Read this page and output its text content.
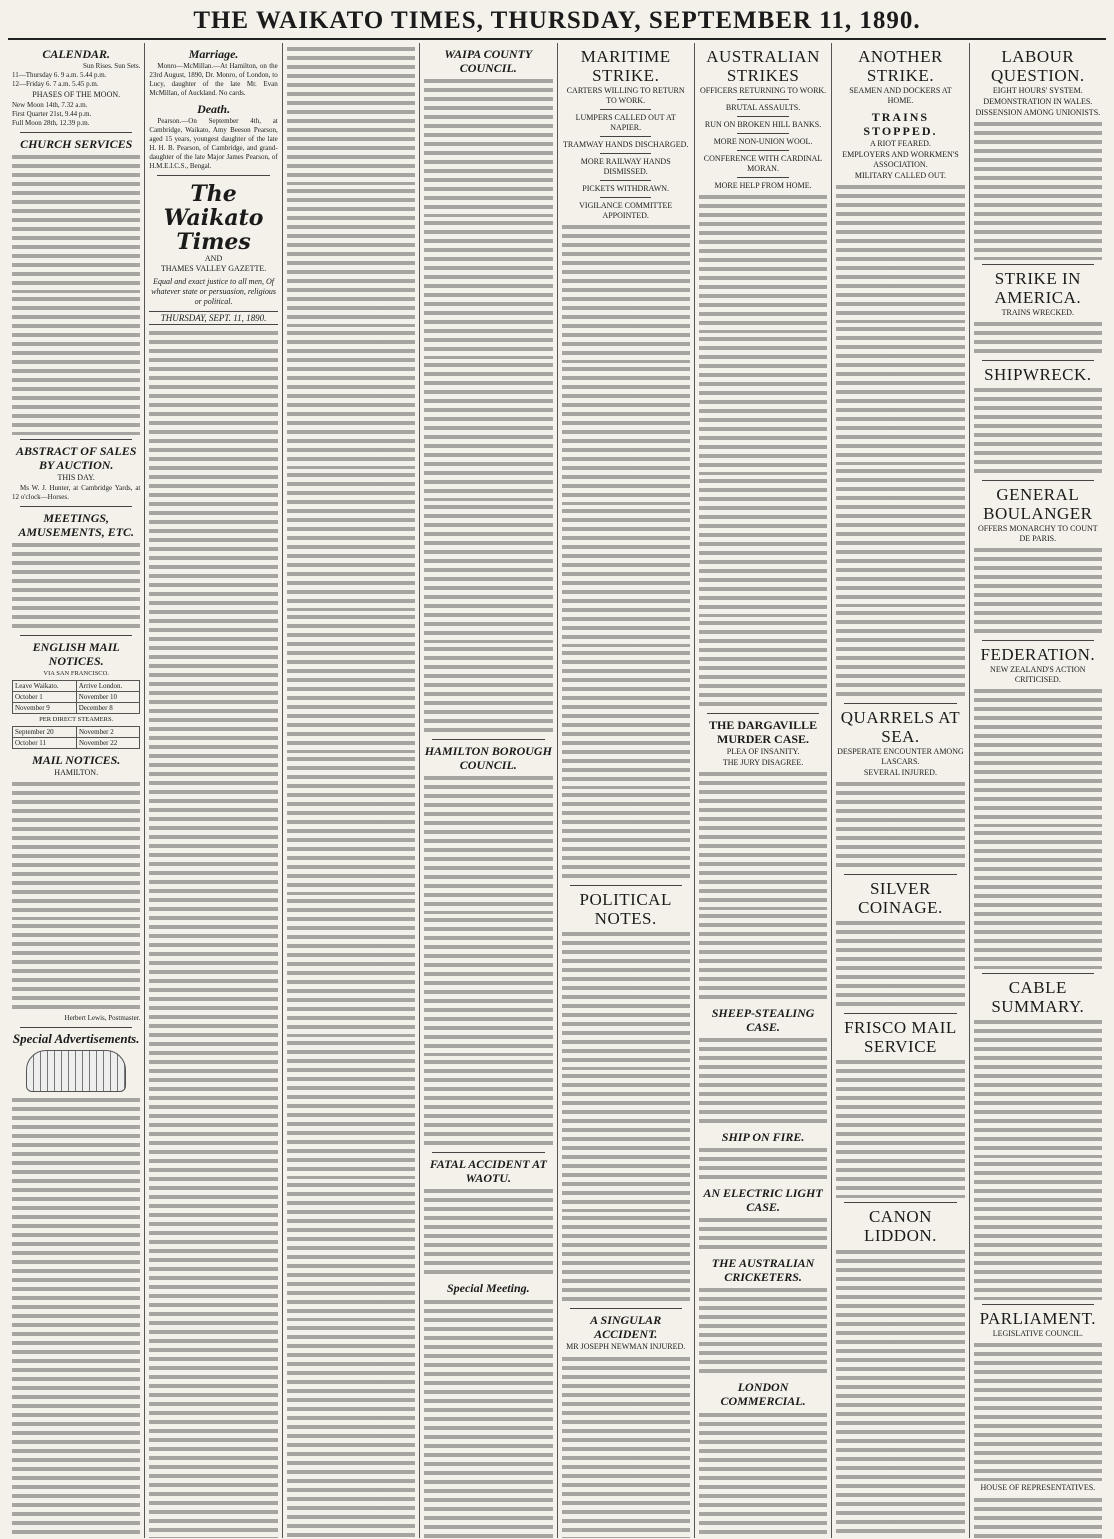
THE WAIKATO TIMES, THURSDAY, SEPTEMBER 11, 1890.
CALENDAR.
Sun Rises. Sun Sets.
11—Thursday 6. 9 a.m. 5.44 p.m.
12—Friday 6. 7 a.m. 5.45 p.m.
PHASES OF THE MOON.
New Moon 14th, 7.32 a.m.
First Quarter 21st, 9.44 p.m.
Full Moon 28th, 12.39 p.m.
CHURCH SERVICES
ABSTRACT OF SALES BY AUCTION.
THIS DAY.
Ms W. J. Hunter, at Cambridge Yards, at 12 o'clock—Horses.
MEETINGS, AMUSEMENTS, ETC.
ENGLISH MAIL NOTICES.
VIA SAN FRANCISCO.
Leave Waikato.	Arrive London.
October 1	November 10
November 9	December 8
PER DIRECT STEAMERS.
September 20	November 2
October 11	November 22
MAIL NOTICES.
HAMILTON.
Herbert Lewis, Postmaster.
Special Advertisements.
Marriage.
Monro—McMillan.—At Hamilton, on the 23rd August, 1890, Dr. Monro, of London, to Lucy, daughter of the late Mr. Evan McMillan, of Auckland. No cards.
Death.
Pearson.—On September 4th, at Cambridge, Waikato, Amy Beeson Pearson, aged 15 years, youngest daughter of the late H. H. B. Pearson, of Cambridge, and grand-daughter of the late Major James Pearson, of H.M.E.I.C.S., Bengal.
The Waikato Times
AND
THAMES VALLEY GAZETTE.
Equal and exact justice to all men, Of whatever state or persuasion, religious or political.
THURSDAY, SEPT. 11, 1890.
WAIPA COUNTY COUNCIL.
HAMILTON BOROUGH COUNCIL.
FATAL ACCIDENT AT WAOTU.
Special Meeting.
MARITIME STRIKE.
CARTERS WILLING TO RETURN TO WORK.
LUMPERS CALLED OUT AT NAPIER.
TRAMWAY HANDS DISCHARGED.
MORE RAILWAY HANDS DISMISSED.
PICKETS WITHDRAWN.
VIGILANCE COMMITTEE APPOINTED.
POLITICAL NOTES.
A SINGULAR ACCIDENT.
MR JOSEPH NEWMAN INJURED.
AUSTRALIAN STRIKES
OFFICERS RETURNING TO WORK.
BRUTAL ASSAULTS.
RUN ON BROKEN HILL BANKS.
MORE NON-UNION WOOL.
CONFERENCE WITH CARDINAL MORAN.
MORE HELP FROM HOME.
THE DARGAVILLE MURDER CASE.
PLEA OF INSANITY.
THE JURY DISAGREE.
SHEEP-STEALING CASE.
SHIP ON FIRE.
AN ELECTRIC LIGHT CASE.
THE AUSTRALIAN CRICKETERS.
LONDON COMMERCIAL.
ANOTHER STRIKE.
SEAMEN AND DOCKERS AT HOME.
TRAINS STOPPED.
A RIOT FEARED.
EMPLOYERS AND WORKMEN'S ASSOCIATION.
MILITARY CALLED OUT.
QUARRELS AT SEA.
DESPERATE ENCOUNTER AMONG LASCARS.
SEVERAL INJURED.
SILVER COINAGE.
FRISCO MAIL SERVICE
CANON LIDDON.
LABOUR QUESTION.
EIGHT HOURS' SYSTEM.
DEMONSTRATION IN WALES.
DISSENSION AMONG UNIONISTS.
STRIKE IN AMERICA.
TRAINS WRECKED.
SHIPWRECK.
GENERAL BOULANGER
OFFERS MONARCHY TO COUNT DE PARIS.
FEDERATION.
NEW ZEALAND'S ACTION CRITICISED.
CABLE SUMMARY.
PARLIAMENT.
LEGISLATIVE COUNCIL.
HOUSE OF REPRESENTATIVES.
